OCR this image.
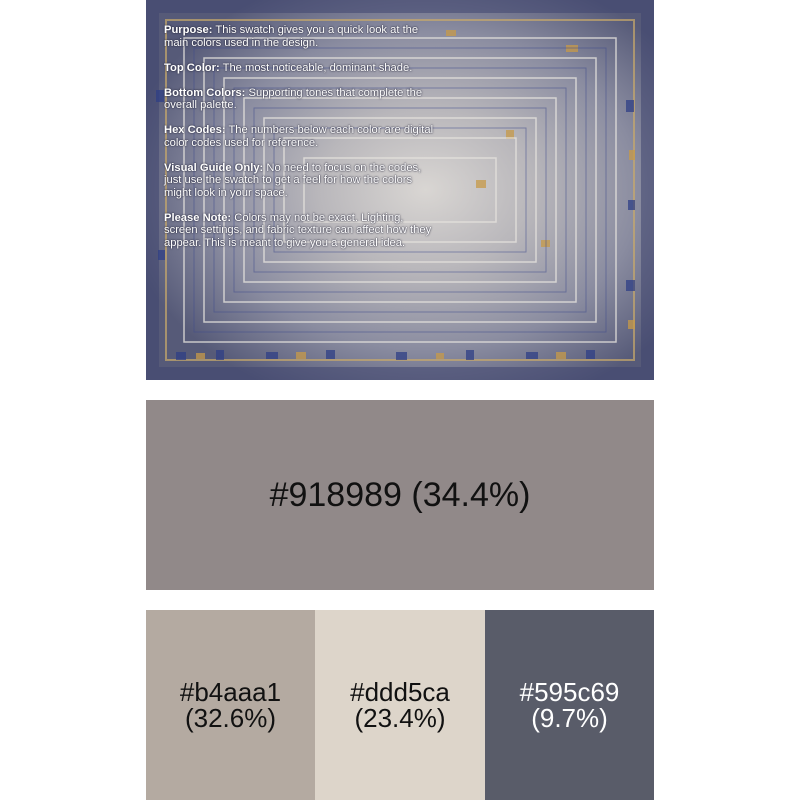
Purpose: This swatch gives you a quick look at the main colors used in the design.
Top Color: The most noticeable, dominant shade.
Bottom Colors: Supporting tones that complete the overall palette.
Hex Codes: The numbers below each color are digital color codes used for reference.
Visual Guide Only: No need to focus on the codes, just use the swatch to get a feel for how the colors might look in your space.
Please Note: Colors may not be exact. Lighting, screen settings, and fabric texture can affect how they appear. This is meant to give you a general idea.
#918989 (34.4%)
#b4aaa1
(32.6%)
#ddd5ca
(23.4%)
#595c69
(9.7%)
